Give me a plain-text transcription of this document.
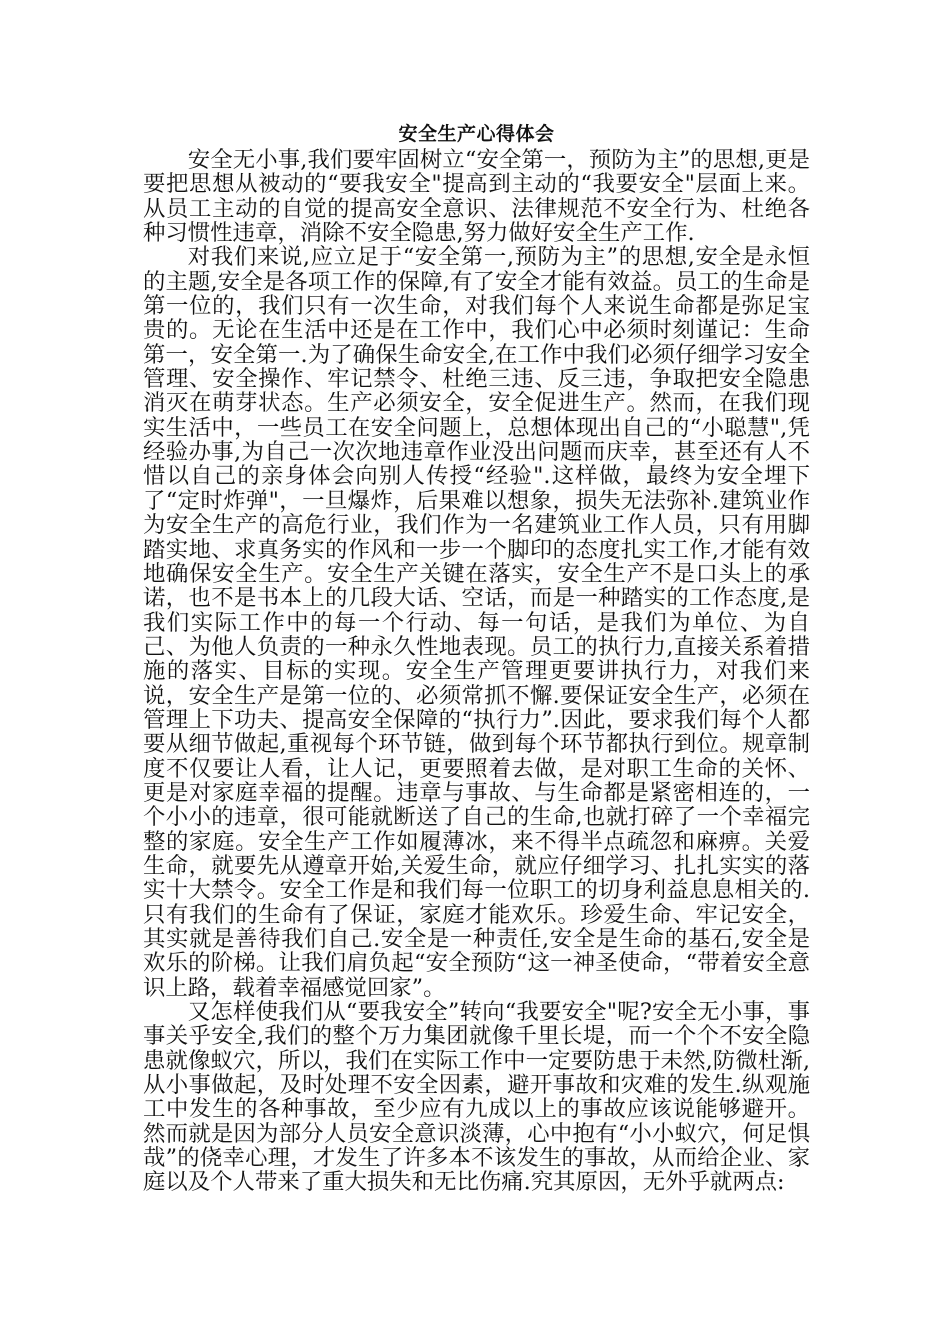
安全生产心得体会

安全无小事,我们要牢固树立“安全第一，预防为主”的思想,更是要把思想从被动的“要我安全"提高到主动的“我要安全"层面上来。从员工主动的自觉的提高安全意识、法律规范不安全行为、杜绝各种习惯性违章，消除不安全隐患,努力做好安全生产工作.

对我们来说,应立足于“安全第一,预防为主”的思想,安全是永恒的主题,安全是各项工作的保障,有了安全才能有效益。员工的生命是第一位的，我们只有一次生命，对我们每个人来说生命都是弥足宝贵的。无论在生活中还是在工作中，我们心中必须时刻谨记：生命第一，安全第一.为了确保生命安全,在工作中我们必须仔细学习安全管理、安全操作、牢记禁令、杜绝三违、反三违，争取把安全隐患消灭在萌芽状态。生产必须安全，安全促进生产。然而，在我们现实生活中，一些员工在安全问题上，总想体现出自己的“小聪慧",凭经验办事,为自己一次次地违章作业没出问题而庆幸，甚至还有人不惜以自己的亲身体会向别人传授“经验".这样做，最终为安全埋下了“定时炸弹"，一旦爆炸，后果难以想象，损失无法弥补.建筑业作为安全生产的高危行业，我们作为一名建筑业工作人员，只有用脚踏实地、求真务实的作风和一步一个脚印的态度扎实工作,才能有效地确保安全生产。安全生产关键在落实，安全生产不是口头上的承诺，也不是书本上的几段大话、空话，而是一种踏实的工作态度,是我们实际工作中的每一个行动、每一句话，是我们为单位、为自己、为他人负责的一种永久性地表现。员工的执行力,直接关系着措施的落实、目标的实现。安全生产管理更要讲执行力，对我们来说，安全生产是第一位的、必须常抓不懈.要保证安全生产，必须在管理上下功夫、提高安全保障的“执行力”.因此，要求我们每个人都要从细节做起,重视每个环节链，做到每个环节都执行到位。规章制度不仅要让人看，让人记，更要照着去做，是对职工生命的关怀、更是对家庭幸福的提醒。违章与事故、与生命都是紧密相连的，一个小小的违章，很可能就断送了自己的生命,也就打碎了一个幸福完整的家庭。安全生产工作如履薄冰，来不得半点疏忽和麻痹。关爱生命，就要先从遵章开始,关爱生命，就应仔细学习、扎扎实实的落实十大禁令。安全工作是和我们每一位职工的切身利益息息相关的.只有我们的生命有了保证，家庭才能欢乐。珍爱生命、牢记安全，其实就是善待我们自己.安全是一种责任,安全是生命的基石,安全是欢乐的阶梯。让我们肩负起“安全预防“这一神圣使命，“带着安全意识上路，载着幸福感觉回家”。

又怎样使我们从“要我安全”转向“我要安全"呢?安全无小事，事事关乎安全,我们的整个万力集团就像千里长堤，而一个个不安全隐患就像蚁穴，所以，我们在实际工作中一定要防患于未然,防微杜渐,从小事做起，及时处理不安全因素，避开事故和灾难的发生.纵观施工中发生的各种事故，至少应有九成以上的事故应该说能够避开。然而就是因为部分人员安全意识淡薄，心中抱有“小小蚁穴，何足惧哉”的侥幸心理，才发生了许多本不该发生的事故，从而给企业、家庭以及个人带来了重大损失和无比伤痛.究其原因，无外乎就两点:
